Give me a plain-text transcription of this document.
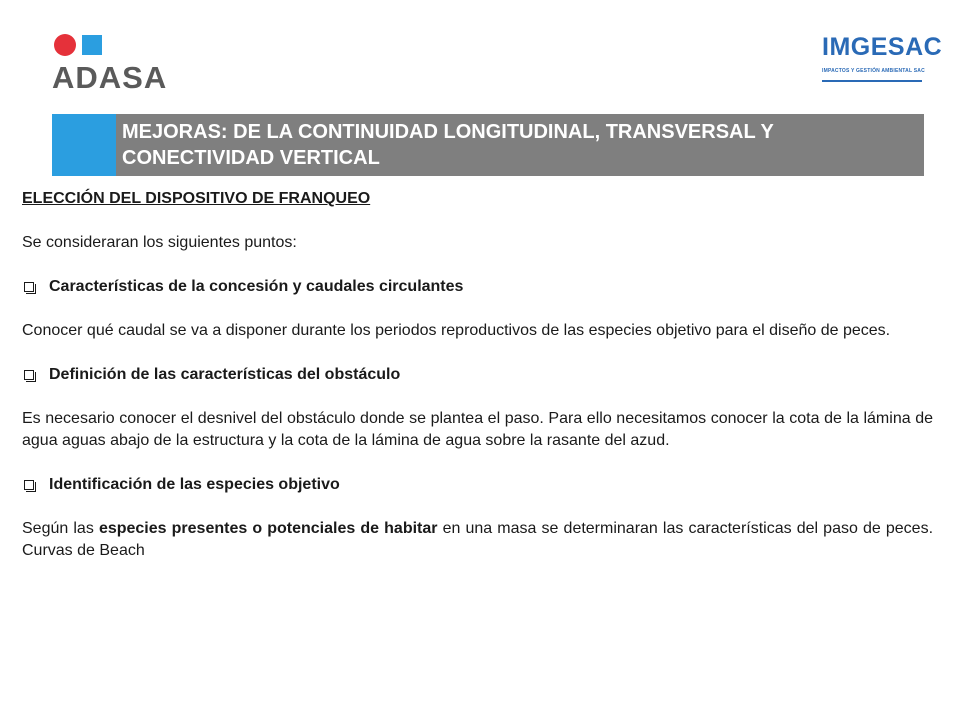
ADASA
IMGESAC
IMPACTOS Y GESTIÓN AMBIENTAL SAC
MEJORAS: DE LA CONTINUIDAD LONGITUDINAL, TRANSVERSAL Y
CONECTIVIDAD VERTICAL

ELECCIÓN DEL DISPOSITIVO DE FRANQUEO

Se consideraran los siguientes puntos:

Características de la concesión y caudales circulantes

Conocer qué caudal se va a disponer durante los periodos reproductivos de las especies objetivo para el diseño de peces.

Definición de las características del obstáculo

Es necesario conocer el desnivel del obstáculo donde se plantea el paso. Para ello necesitamos conocer la cota de la lámina de agua aguas abajo de la estructura y la cota de la lámina de agua sobre la rasante del azud.

Identificación de las especies objetivo

Según las especies presentes o potenciales de habitar en una masa se determinaran las características del paso de peces. Curvas de Beach
